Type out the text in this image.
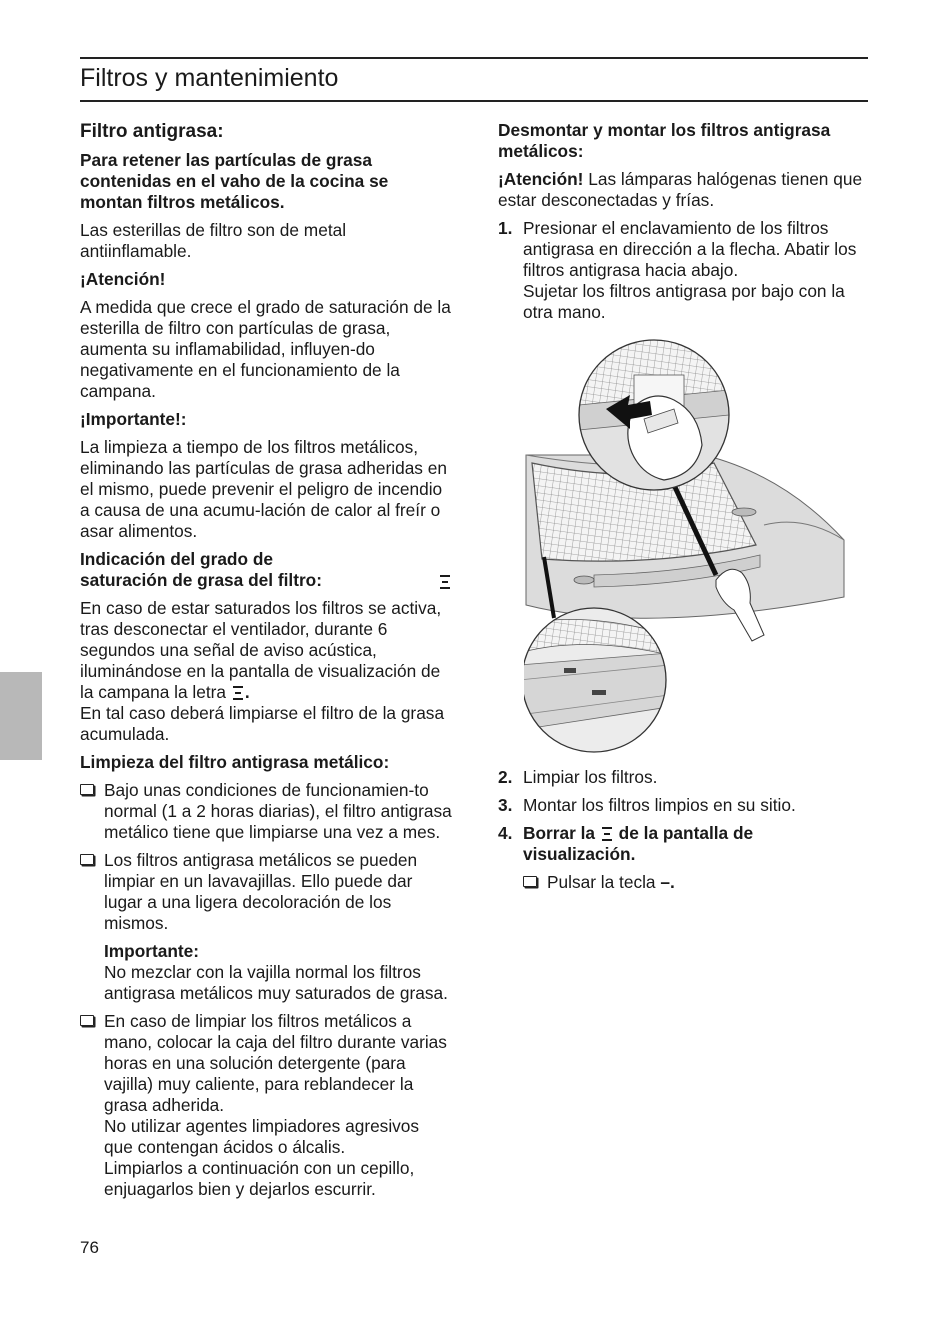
Filtros y mantenimiento
Filtro antigrasa:

Para retener las partículas de grasa contenidas en el vaho de la cocina se montan filtros metálicos.

Las esterillas de filtro son de metal antiinflamable.

¡Atención!

A medida que crece el grado de saturación de la esterilla de filtro con partículas de grasa, aumenta su inflamabilidad, influyen-do negativamente en el funcionamiento de la campana.

¡Importante!:

La limpieza a tiempo de los filtros metálicos, eliminando las partículas de grasa adheridas en el mismo, puede prevenir el peligro de incendio a causa de una acumu-lación de calor al freír o asar alimentos.

Indicación del grado de saturación de grasa del filtro:

En caso de estar saturados los filtros se activa, tras desconectar el ventilador, durante 6 segundos una señal de aviso acústica, iluminándose en la pantalla de visualización de la campana la letra .

En tal caso deberá limpiarse el filtro de la grasa acumulada.

Limpieza del filtro antigrasa metálico:

Bajo unas condiciones de funcionamien-to normal (1 a 2 horas diarias), el filtro antigrasa metálico tiene que limpiarse una vez a mes.
Los filtros antigrasa metálicos se pueden limpiar en un lavavajillas. Ello puede dar lugar a una ligera decoloración de los mismos.
Importante:
No mezclar con la vajilla normal los filtros antigrasa metálicos muy saturados de grasa.
En caso de limpiar los filtros metálicos a mano, colocar la caja del filtro durante varias horas en una solución detergente (para vajilla) muy caliente, para reblandecer la grasa adherida.
No utilizar agentes limpiadores agresivos que contengan ácidos o álcalis.
Limpiarlos a continuación con un cepillo, enjuagarlos bien y dejarlos escurrir.

Desmontar y montar los filtros antigrasa metálicos:

¡Atención! Las lámparas halógenas tienen que estar desconectadas y frías.

1. Presionar el enclavamiento de los filtros antigrasa en dirección a la flecha. Abatir los filtros antigrasa hacia abajo.
Sujetar los filtros antigrasa por bajo con la otra mano.
2. Limpiar los filtros.
3. Montar los filtros limpios en su sitio.
4. Borrar la de la pantalla de visualización.
Pulsar la tecla –.
76
